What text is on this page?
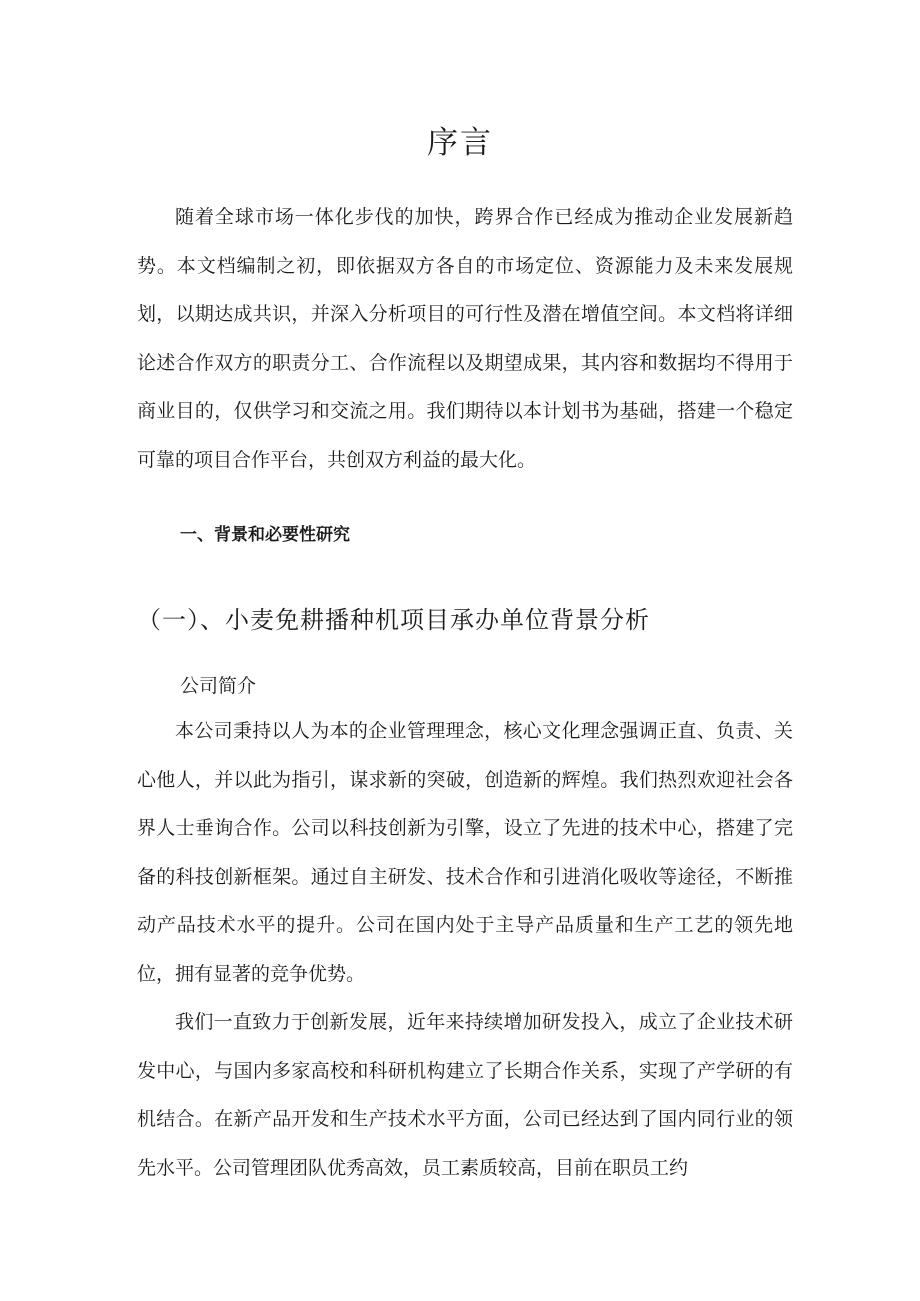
序言

随着全球市场一体化步伐的加快，跨界合作已经成为推动企业发展新趋势。本文档编制之初，即依据双方各自的市场定位、资源能力及未来发展规划，以期达成共识，并深入分析项目的可行性及潜在增值空间。本文档将详细论述合作双方的职责分工、合作流程以及期望成果，其内容和数据均不得用于商业目的，仅供学习和交流之用。我们期待以本计划书为基础，搭建一个稳定可靠的项目合作平台，共创双方利益的最大化。

一、背景和必要性研究
（一）、小麦免耕播种机项目承办单位背景分析
公司简介

本公司秉持以人为本的企业管理理念，核心文化理念强调正直、负责、关心他人，并以此为指引，谋求新的突破，创造新的辉煌。我们热烈欢迎社会各界人士垂询合作。公司以科技创新为引擎，设立了先进的技术中心，搭建了完备的科技创新框架。通过自主研发、技术合作和引进消化吸收等途径，不断推动产品技术水平的提升。公司在国内处于主导产品质量和生产工艺的领先地位，拥有显著的竞争优势。

我们一直致力于创新发展，近年来持续增加研发投入，成立了企业技术研发中心，与国内多家高校和科研机构建立了长期合作关系，实现了产学研的有机结合。在新产品开发和生产技术水平方面，公司已经达到了国内同行业的领先水平。公司管理团队优秀高效，员工素质较高，目前在职员工约
